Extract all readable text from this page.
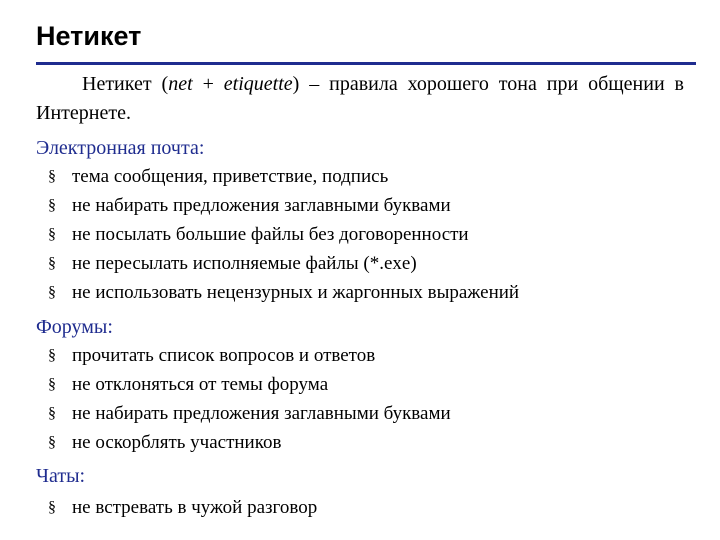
Нетикет

Нетикет (net + etiquette) – правила хорошего тона при общении в Интернете.

Электронная почта:
§ тема сообщения, приветствие, подпись
§ не набирать предложения заглавными буквами
§ не посылать большие файлы без договоренности
§ не пересылать исполняемые файлы (*.exe)
§ не использовать нецензурных и жаргонных выражений
Форумы:
§ прочитать список вопросов и ответов
§ не отклоняться от темы форума
§ не набирать предложения заглавными буквами
§ не оскорблять участников
Чаты:
§ не встревать в чужой разговор
